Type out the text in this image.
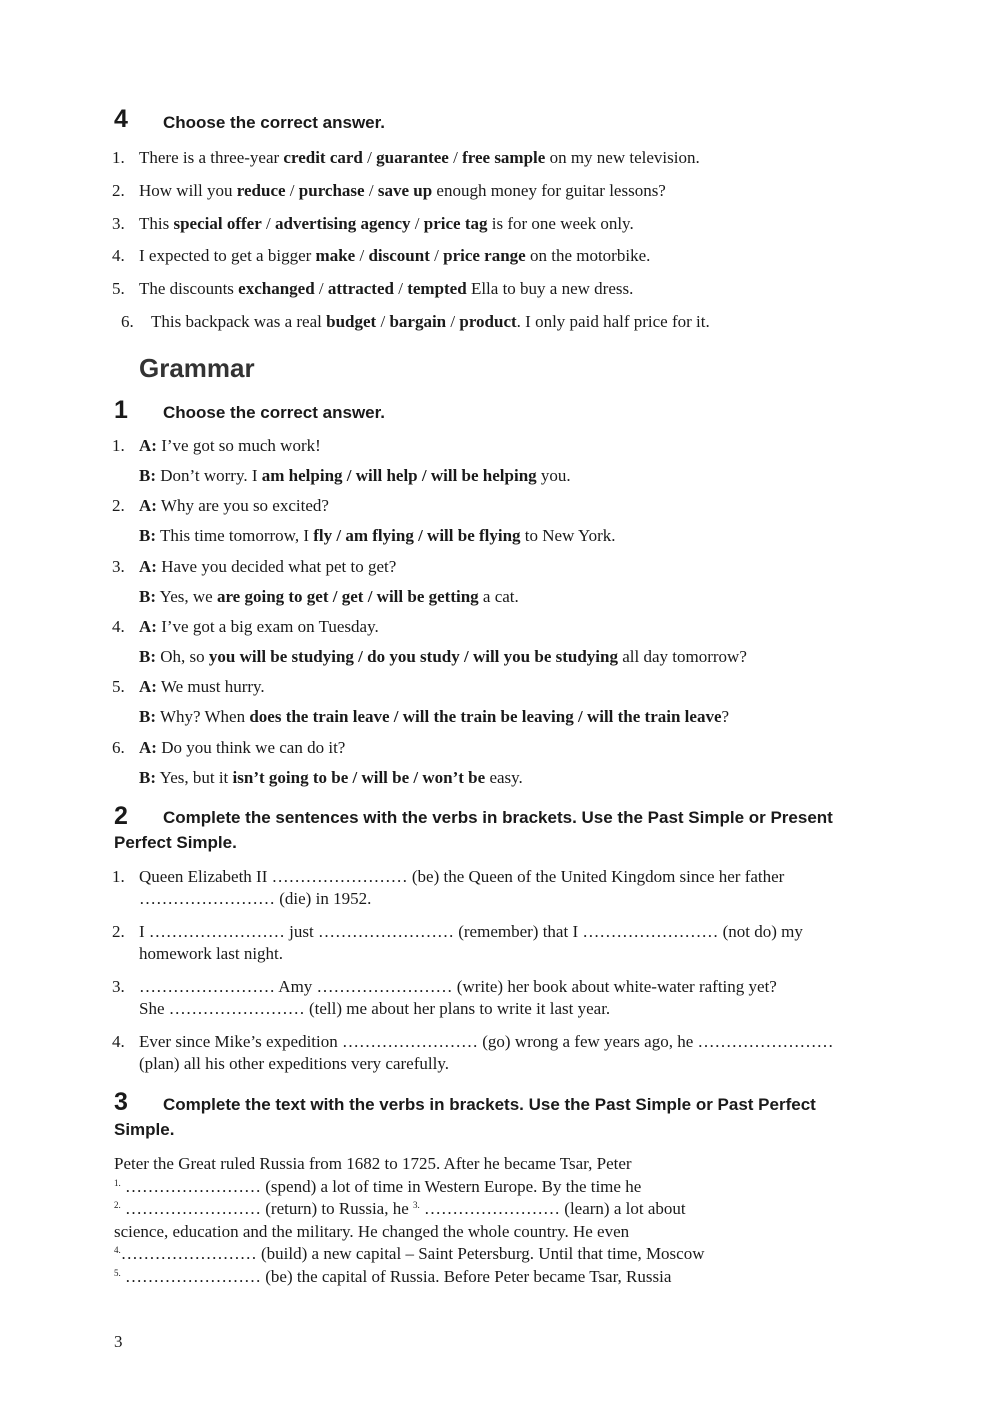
4 Choose the correct answer.
1. There is a three-year credit card / guarantee / free sample on my new television.
2. How will you reduce / purchase / save up enough money for guitar lessons?
3. This special offer / advertising agency / price tag is for one week only.
4. I expected to get a bigger make / discount / price range on the motorbike.
5. The discounts exchanged / attracted / tempted Ella to buy a new dress.
6. This backpack was a real budget / bargain / product. I only paid half price for it.
Grammar
1 Choose the correct answer.
1. A: I’ve got so much work!
B: Don’t worry. I am helping / will help / will be helping you.
2. A: Why are you so excited?
B: This time tomorrow, I fly / am flying / will be flying to New York.
3. A: Have you decided what pet to get?
B: Yes, we are going to get / get / will be getting a cat.
4. A: I’ve got a big exam on Tuesday.
B: Oh, so you will be studying / do you study / will you be studying all day tomorrow?
5. A: We must hurry.
B: Why? When does the train leave / will the train be leaving / will the train leave?
6. A: Do you think we can do it?
B: Yes, but it isn’t going to be / will be / won’t be easy.
2 Complete the sentences with the verbs in brackets. Use the Past Simple or Present
Perfect Simple.
1. Queen Elizabeth II …………………… (be) the Queen of the United Kingdom since her father
…………………… (die) in 1952.
2. I …………………… just …………………… (remember) that I …………………… (not do) my
homework last night.
3. …………………… Amy …………………… (write) her book about white-water rafting yet?
She …………………… (tell) me about her plans to write it last year.
4. Ever since Mike’s expedition …………………… (go) wrong a few years ago, he ……………………
(plan) all his other expeditions very carefully.
3 Complete the text with the verbs in brackets. Use the Past Simple or Past Perfect
Simple.
Peter the Great ruled Russia from 1682 to 1725. After he became Tsar, Peter
$^{1.}$ …………………… (spend) a lot of time in Western Europe. By the time he
$^{2.}$ …………………… (return) to Russia, he $^{3.}$ …………………… (learn) a lot about
science, education and the military. He changed the whole country. He even
$^{4.}$…………………… (build) a new capital – Saint Petersburg. Until that time, Moscow
$^{5.}$ …………………… (be) the capital of Russia. Before Peter became Tsar, Russia
3
